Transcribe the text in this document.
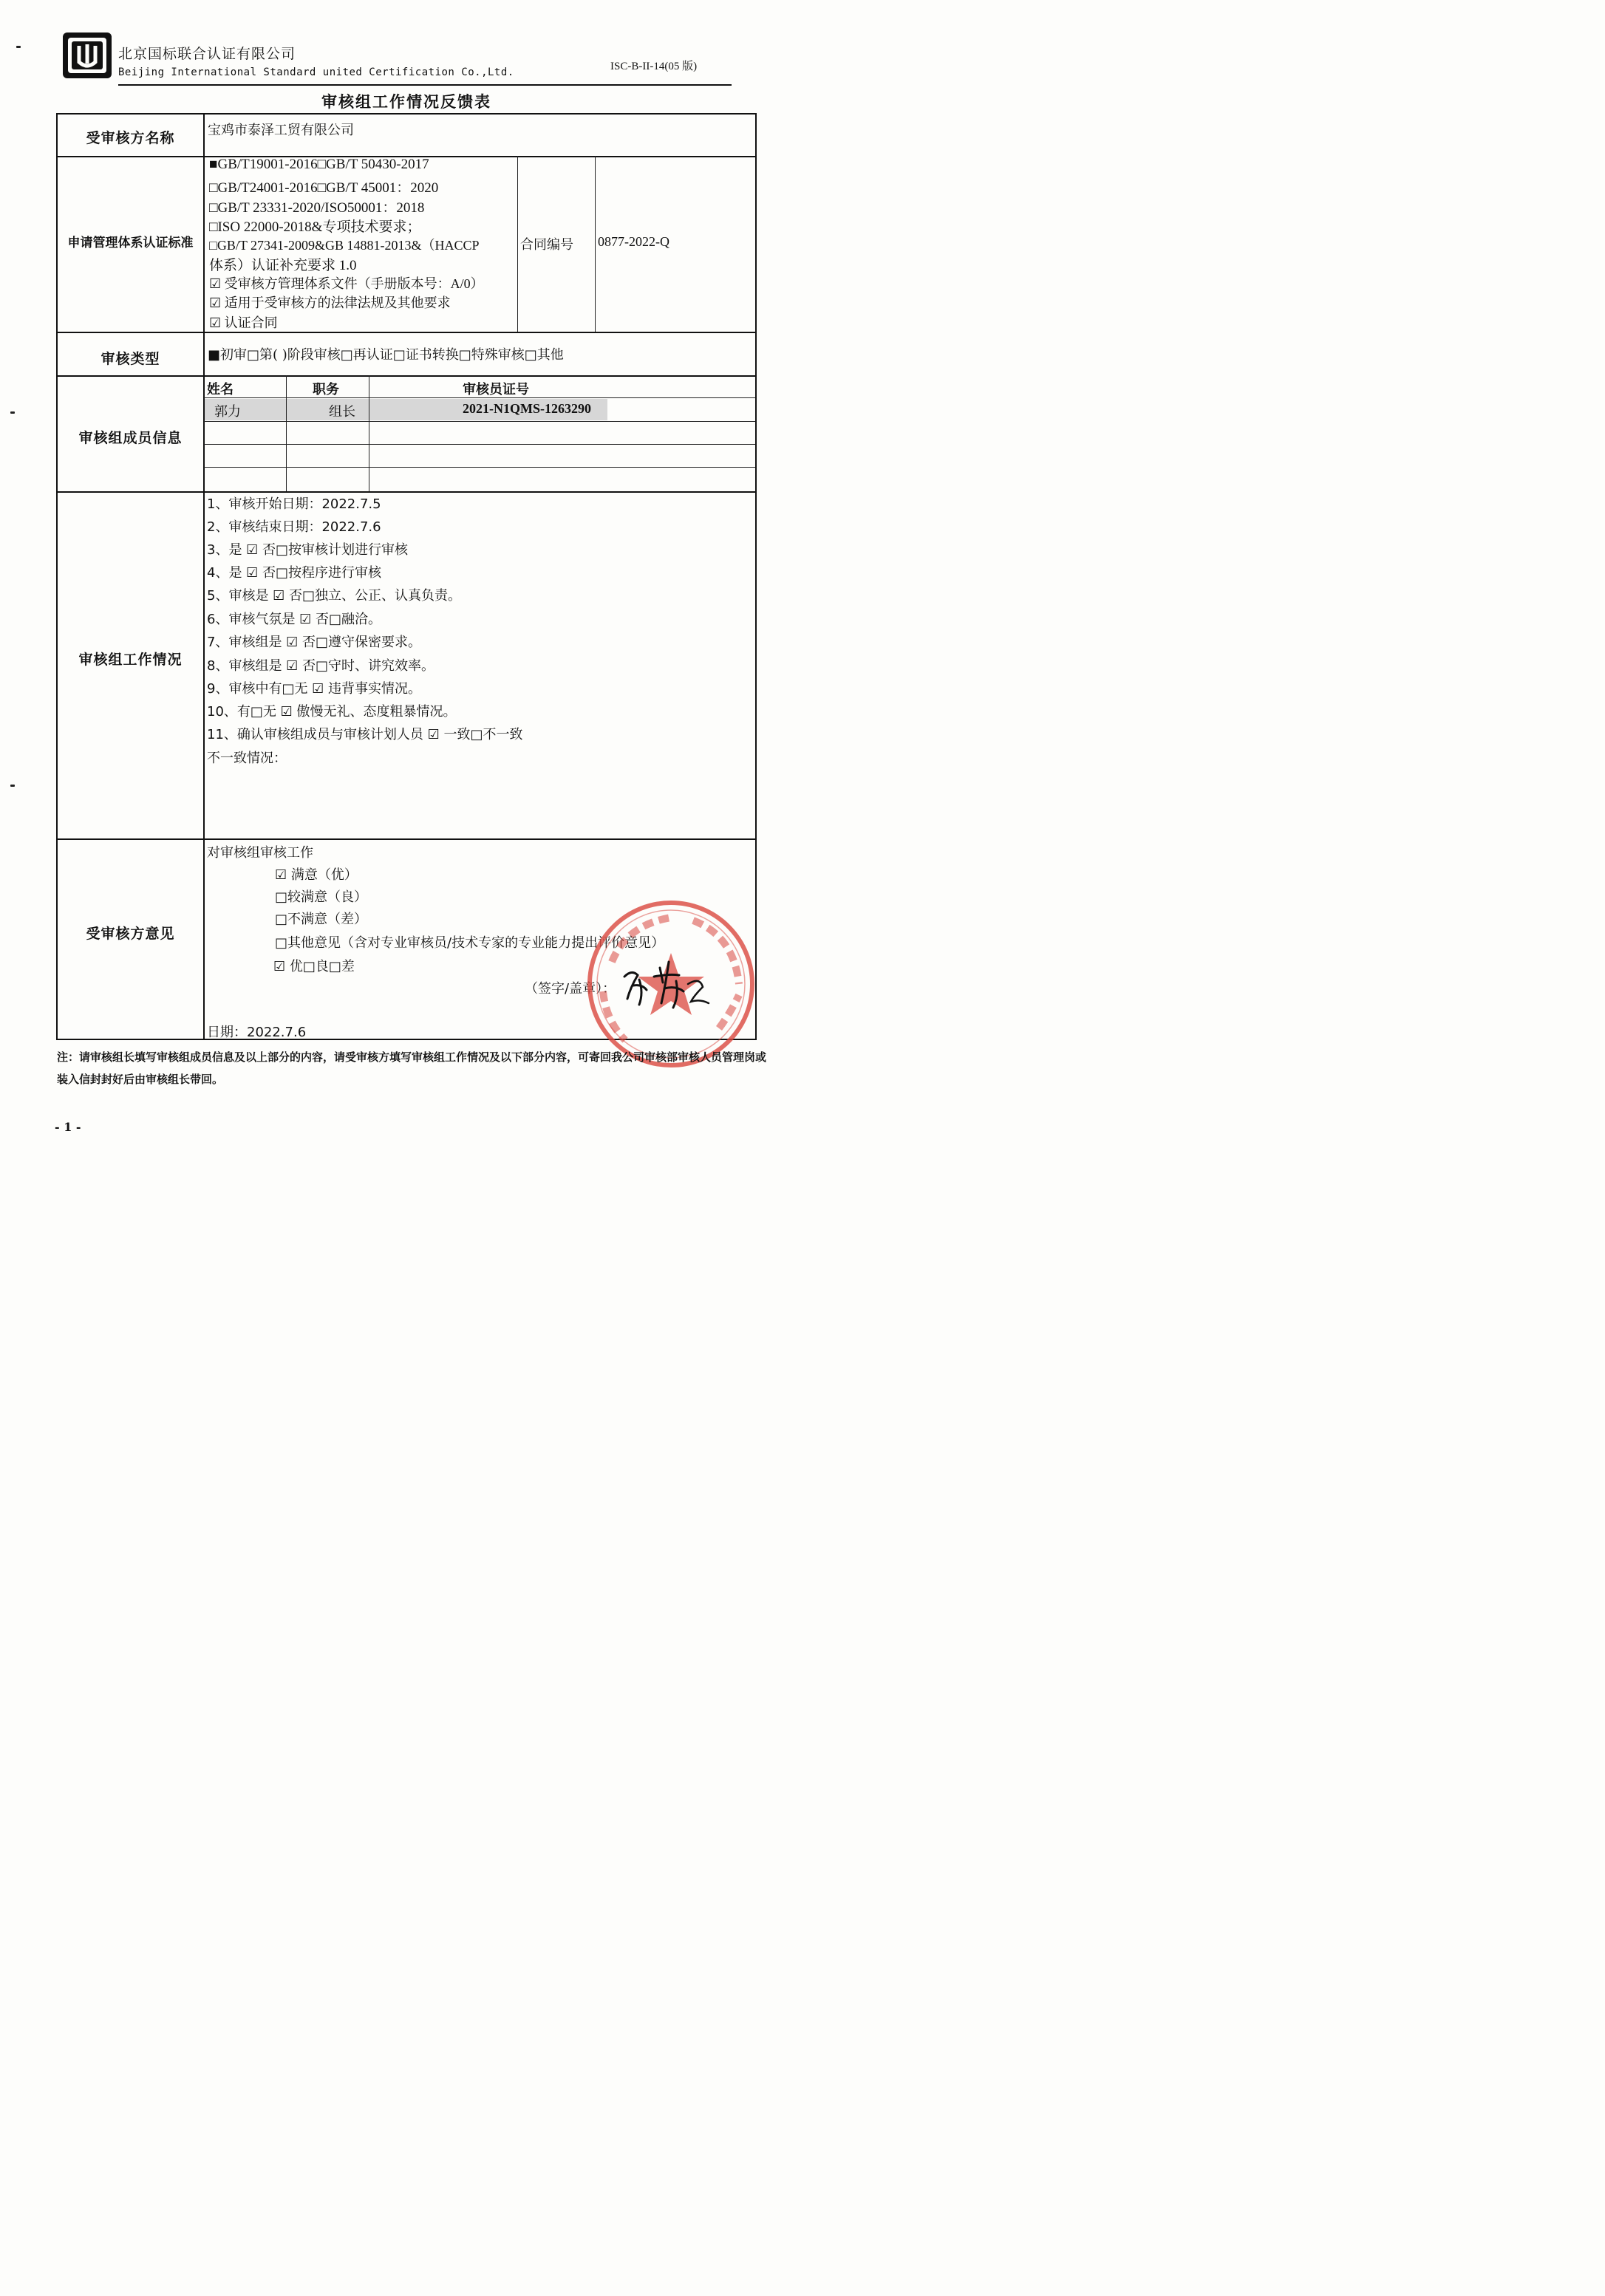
北京国标联合认证有限公司
Beijing International Standard united Certification Co.,Ltd.	ISC-B-II-14(05 版)
审核组工作情况反馈表
受审核方名称	宝鸡市泰泽工贸有限公司
申请管理体系认证标准
■GB/T19001-2016□GB/T 50430-2017
□GB/T24001-2016□GB/T 45001：2020
□GB/T 23331-2020/ISO50001：2018
□ISO 22000-2018&专项技术要求；
□GB/T 27341-2009&GB 14881-2013&（HACCP
体系）认证补充要求 1.0
☑ 受审核方管理体系文件（手册版本号：A/0）
☑ 适用于受审核方的法律法规及其他要求
☑ 认证合同
合同编号 0877-2022-Q
审核类型	■初审□第( )阶段审核□再认证□证书转换□特殊审核□其他
审核组成员信息
姓名	职务	审核员证号
郭力	组长	2021-N1QMS-1263290
审核组工作情况
1、审核开始日期：2022.7.5
2、审核结束日期：2022.7.6
3、是 ☑ 否□按审核计划进行审核
4、是 ☑ 否□按程序进行审核
5、审核是 ☑ 否□独立、公正、认真负责。
6、审核气氛是 ☑ 否□融洽。
7、审核组是 ☑ 否□遵守保密要求。
8、审核组是 ☑ 否□守时、讲究效率。
9、审核中有□无 ☑ 违背事实情况。
10、有□无 ☑ 傲慢无礼、态度粗暴情况。
11、确认审核组成员与审核计划人员 ☑ 一致□不一致
不一致情况：
受审核方意见
对审核组审核工作
☑ 满意（优）
□较满意（良）
□不满意（差）
□其他意见（含对专业审核员/技术专家的专业能力提出评价意见）
☑ 优□良□差
（签字/盖章）：
日期：2022.7.6
注：请审核组长填写审核组成员信息及以上部分的内容，请受审核方填写审核组工作情况及以下部分内容，可寄回我公司审核部审核人员管理岗或装入信封封好后由审核组长带回。
- 1 -
